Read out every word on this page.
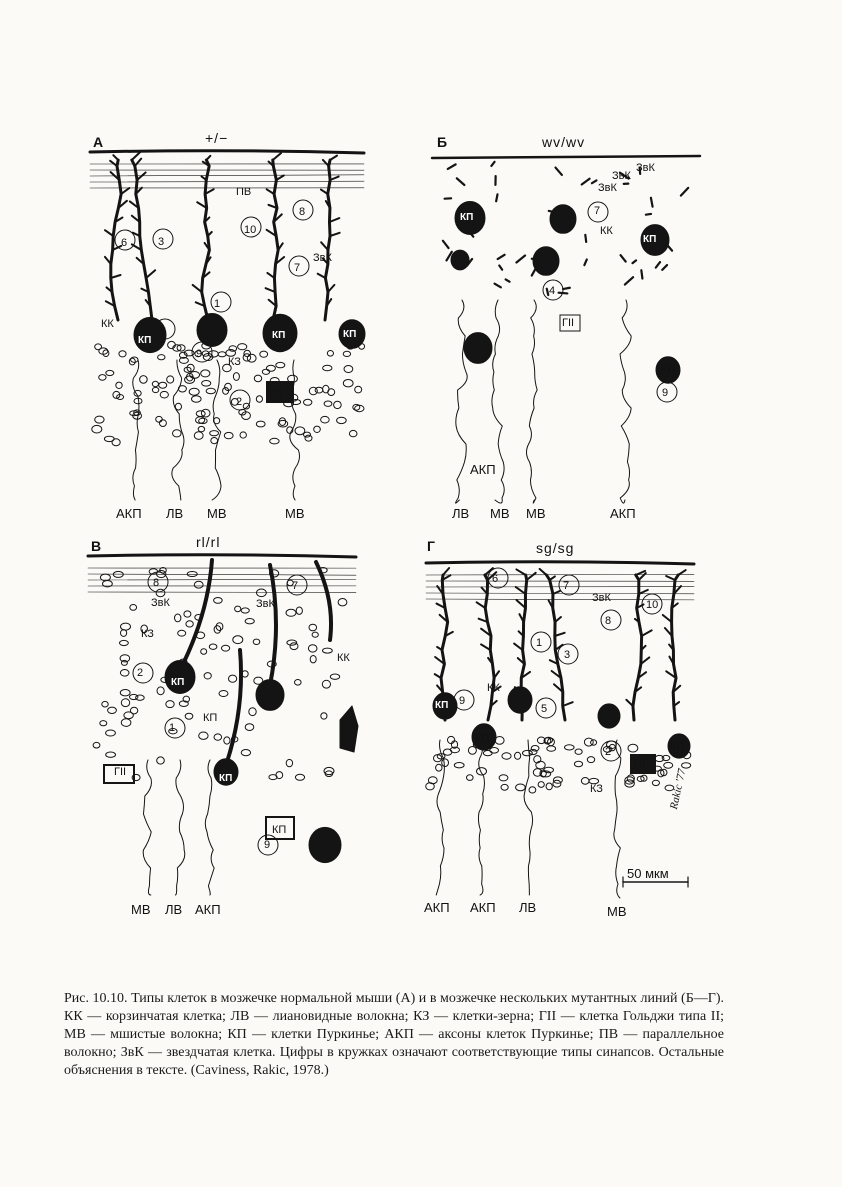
А	+/−
АКП ЛВ МВ	МВ
ПВ
КК
ЗвК
КП	КП	КП
КЗ
ГII
6	3
10
8
7
1
5
9
2
Б	wv/wv
ЛВ МВ МВ	АКП
ЗвК
ЗвК
ЗвК
КК
КП
КП
КП
ГII
АКП
7
4
9
В	rl/rl
МВ ЛВ АКП
ЗвК	ЗвК
КЗ
КК
КП
КП
КП
КП
ГII
8	7
2
1
9
Г	sg/sg
АКП АКП ЛВ	МВ
ЗвК
КК
КП
КП
КП
ГII
КЗ
6
7
10
8
1
3
9
5
2
50 мкм
Rakic '77

Рис. 10.10. Типы клеток в мозжечке нормальной мыши (А) и в мозжечке нескольких мутантных линий (Б—Г). КК — корзинчатая клетка; ЛВ — лиановидные волокна; КЗ — клетки-зерна; ГII — клетка Гольджи типа II; МВ — мшистые волокна; КП — клетки Пуркинье; АКП — аксоны клеток Пуркинье; ПВ — параллельное волокно; ЗвК — звездчатая клетка. Цифры в кружках означают соответствующие типы синапсов. Остальные объяснения в тексте. (Caviness, Rakic, 1978.)
